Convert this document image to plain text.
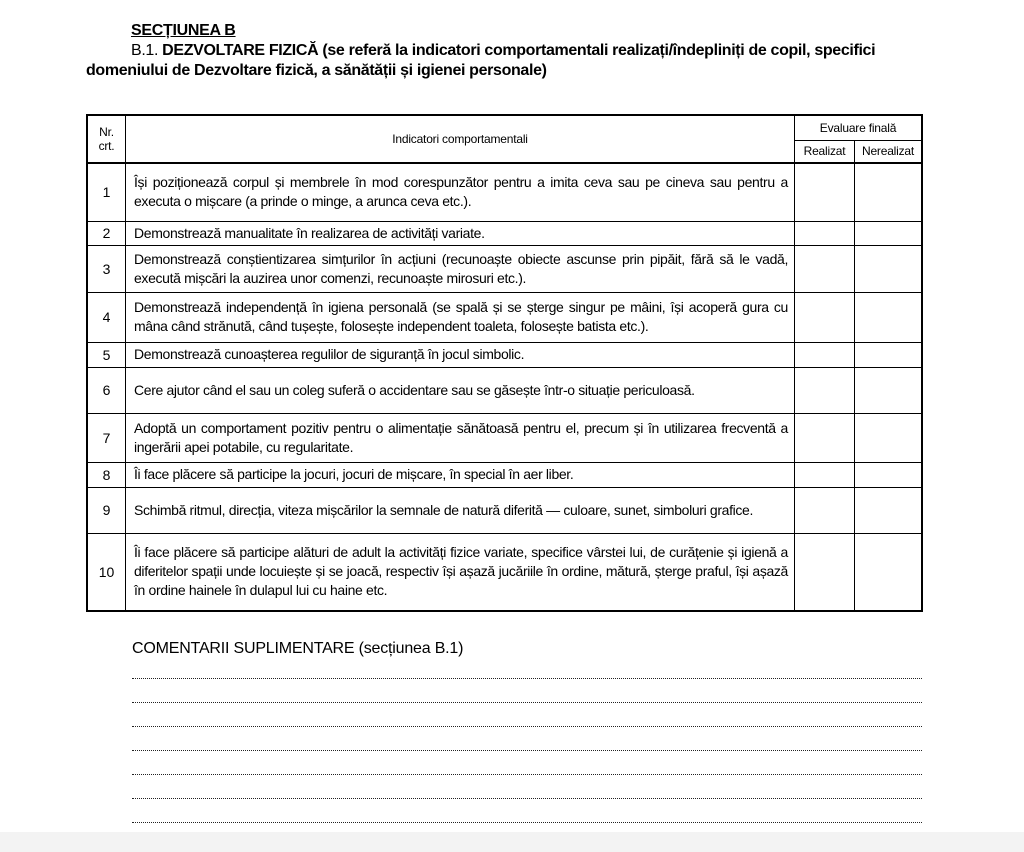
SECȚIUNEA B
B.1. DEZVOLTARE FIZICĂ (se referă la indicatori comportamentali realizați/îndepliniți de copil, specifici domeniului de Dezvoltare fizică, a sănătății și igienei personale)
Nr. crt.	Indicatori comportamentali	Evaluare finală	
		Realizat	Nerealizat
1	Își poziționează corpul și membrele în mod corespunzător pentru a imita ceva sau pe cineva sau pentru a executa o mișcare (a prinde o minge, a arunca ceva etc.).		
2	Demonstrează manualitate în realizarea de activități variate.		
3	Demonstrează conștientizarea simțurilor în acțiuni (recunoaște obiecte ascunse prin pipăit, fără să le vadă, execută mișcări la auzirea unor comenzi, recunoaște mirosuri etc.).		
4	Demonstrează independență în igiena personală (se spală și se șterge singur pe mâini, își acoperă gura cu mâna când strănută, când tușește, folosește independent toaleta, folosește batista etc.).		
5	Demonstrează cunoașterea regulilor de siguranță în jocul simbolic.		
6	Cere ajutor când el sau un coleg suferă o accidentare sau se găsește într-o situație periculoasă.		
7	Adoptă un comportament pozitiv pentru o alimentație sănătoasă pentru el, precum și în utilizarea frecventă a ingerării apei potabile, cu regularitate.		
8	Îi face plăcere să participe la jocuri, jocuri de mișcare, în special în aer liber.		
9	Schimbă ritmul, direcția, viteza mișcărilor la semnale de natură diferită — culoare, sunet, simboluri grafice.		
10	Îi face plăcere să participe alături de adult la activități fizice variate, specifice vârstei lui, de curățenie și igienă a diferitelor spații unde locuiește și se joacă, respectiv își așază jucăriile în ordine, mătură, șterge praful, își așază în ordine hainele în dulapul lui cu haine etc.		
COMENTARII SUPLIMENTARE (secțiunea B.1)
